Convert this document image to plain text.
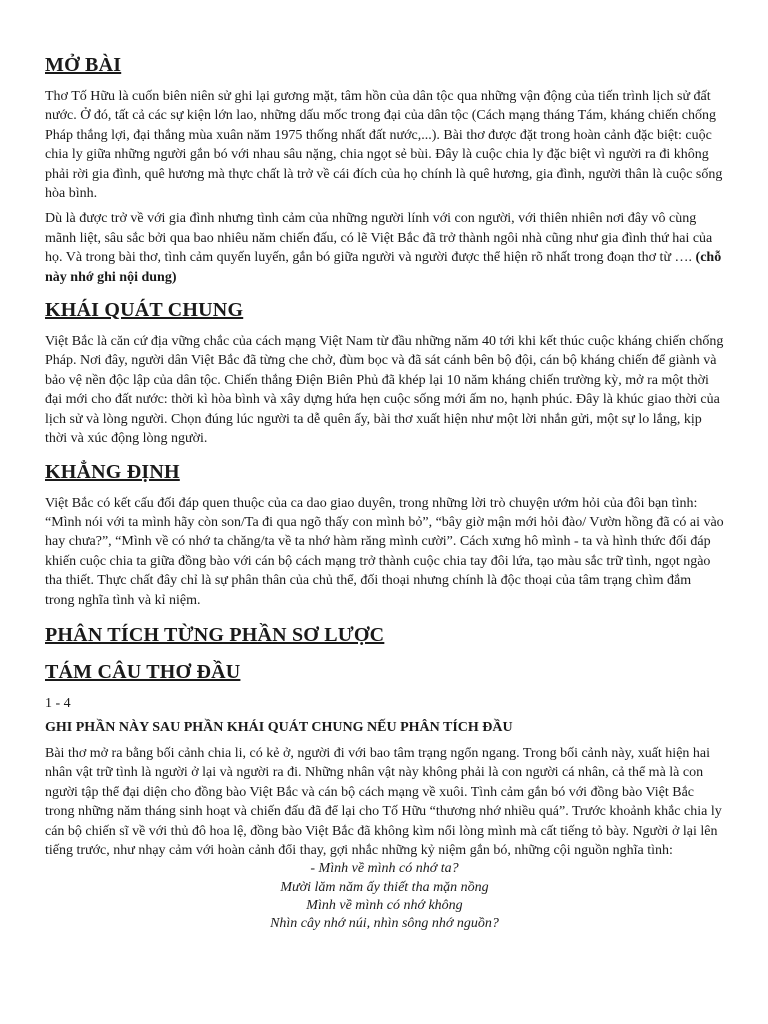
MỞ BÀI

Thơ Tố Hữu là cuốn biên niên sử ghi lại gương mặt, tâm hồn của dân tộc qua những vận động của tiến trình lịch sử đất nước. Ở đó, tất cả các sự kiện lớn lao, những dấu mốc trong đại của dân tộc (Cách mạng tháng Tám, kháng chiến chống Pháp thắng lợi, đại thắng mùa xuân năm 1975 thống nhất đất nước,...). Bài thơ được đặt trong hoàn cảnh đặc biệt: cuộc chia ly giữa những người gắn bó với nhau sâu nặng, chia ngọt sẻ bùi. Đây là cuộc chia ly đặc biệt vì người ra đi không phải rời gia đình, quê hương mà thực chất là trở về cái đích của họ chính là quê hương, gia đình, người thân là cuộc sống hòa bình.

Dù là được trở về với gia đình nhưng tình cảm của những người lính với con người, với thiên nhiên nơi đây vô cùng mãnh liệt, sâu sắc bởi qua bao nhiêu năm chiến đấu, có lẽ Việt Bắc đã trở thành ngôi nhà cũng như gia đình thứ hai của họ. Và trong bài thơ, tình cảm quyến luyến, gắn bó giữa người và người được thể hiện rõ nhất trong đoạn thơ từ …. (chỗ này nhớ ghi nội dung)

KHÁI QUÁT CHUNG

Việt Bắc là căn cứ địa vững chắc của cách mạng Việt Nam từ đầu những năm 40 tới khi kết thúc cuộc kháng chiến chống Pháp. Nơi đây, người dân Việt Bắc đã từng che chở, đùm bọc và đã sát cánh bên bộ đội, cán bộ kháng chiến để giành và bảo vệ nền độc lập của dân tộc. Chiến thắng Điện Biên Phủ đã khép lại 10 năm kháng chiến trường kỳ, mở ra một thời đại mới cho đất nước: thời kì hòa bình và xây dựng hứa hẹn cuộc sống mới ấm no, hạnh phúc. Đây là khúc giao thời của lịch sử và lòng người. Chọn đúng lúc người ta dễ quên ấy, bài thơ xuất hiện như một lời nhắn gửi, một sự lo lắng, kịp thời và xúc động lòng người.

KHẲNG ĐỊNH

Việt Bắc có kết cấu đối đáp quen thuộc của ca dao giao duyên, trong những lời trò chuyện ướm hỏi của đôi bạn tình: “Mình nói với ta mình hãy còn son/Ta đi qua ngõ thấy con mình bỏ”, “bây giờ mận mới hỏi đào/ Vườn hồng đã có ai vào hay chưa?”, “Mình về có nhớ ta chăng/ta về ta nhớ hàm răng mình cười”. Cách xưng hô mình - ta và hình thức đối đáp khiến cuộc chia ta giữa đồng bào với cán bộ cách mạng trở thành cuộc chia tay đôi lứa, tạo màu sắc trữ tình, ngọt ngào tha thiết. Thực chất đây chỉ là sự phân thân của chủ thể, đối thoại nhưng chính là độc thoại của tâm trạng chìm đắm trong nghĩa tình và kỉ niệm.

PHÂN TÍCH TỪNG PHẦN SƠ LƯỢC
TÁM CÂU THƠ ĐẦU
1 - 4
GHI PHẦN NÀY SAU PHẦN KHÁI QUÁT CHUNG NẾU PHÂN TÍCH ĐẦU

Bài thơ mở ra bằng bối cảnh chia li, có kẻ ở, người đi với bao tâm trạng ngổn ngang. Trong bối cảnh này, xuất hiện hai nhân vật trữ tình là người ở lại và người ra đi. Những nhân vật này không phải là con người cá nhân, cả thể mà là con người tập thể đại diện cho đồng bào Việt Bắc và cán bộ cách mạng về xuôi. Tình cảm gắn bó với đồng bào Việt Bắc trong những năm tháng sinh hoạt và chiến đấu đã để lại cho Tố Hữu “thương nhớ nhiều quá”. Trước khoảnh khắc chia ly cán bộ chiến sĩ về với thủ đô hoa lệ, đồng bào Việt Bắc đã không kìm nổi lòng mình mà cất tiếng tỏ bày. Người ở lại lên tiếng trước, như nhạy cảm với hoàn cảnh đổi thay, gợi nhắc những kỷ niệm gắn bó, những cội nguồn nghĩa tình:

- Mình về mình có nhớ ta?
Mười lăm năm ấy thiết tha mặn nồng
Mình về mình có nhớ không
Nhìn cây nhớ núi, nhìn sông nhớ nguồn?
